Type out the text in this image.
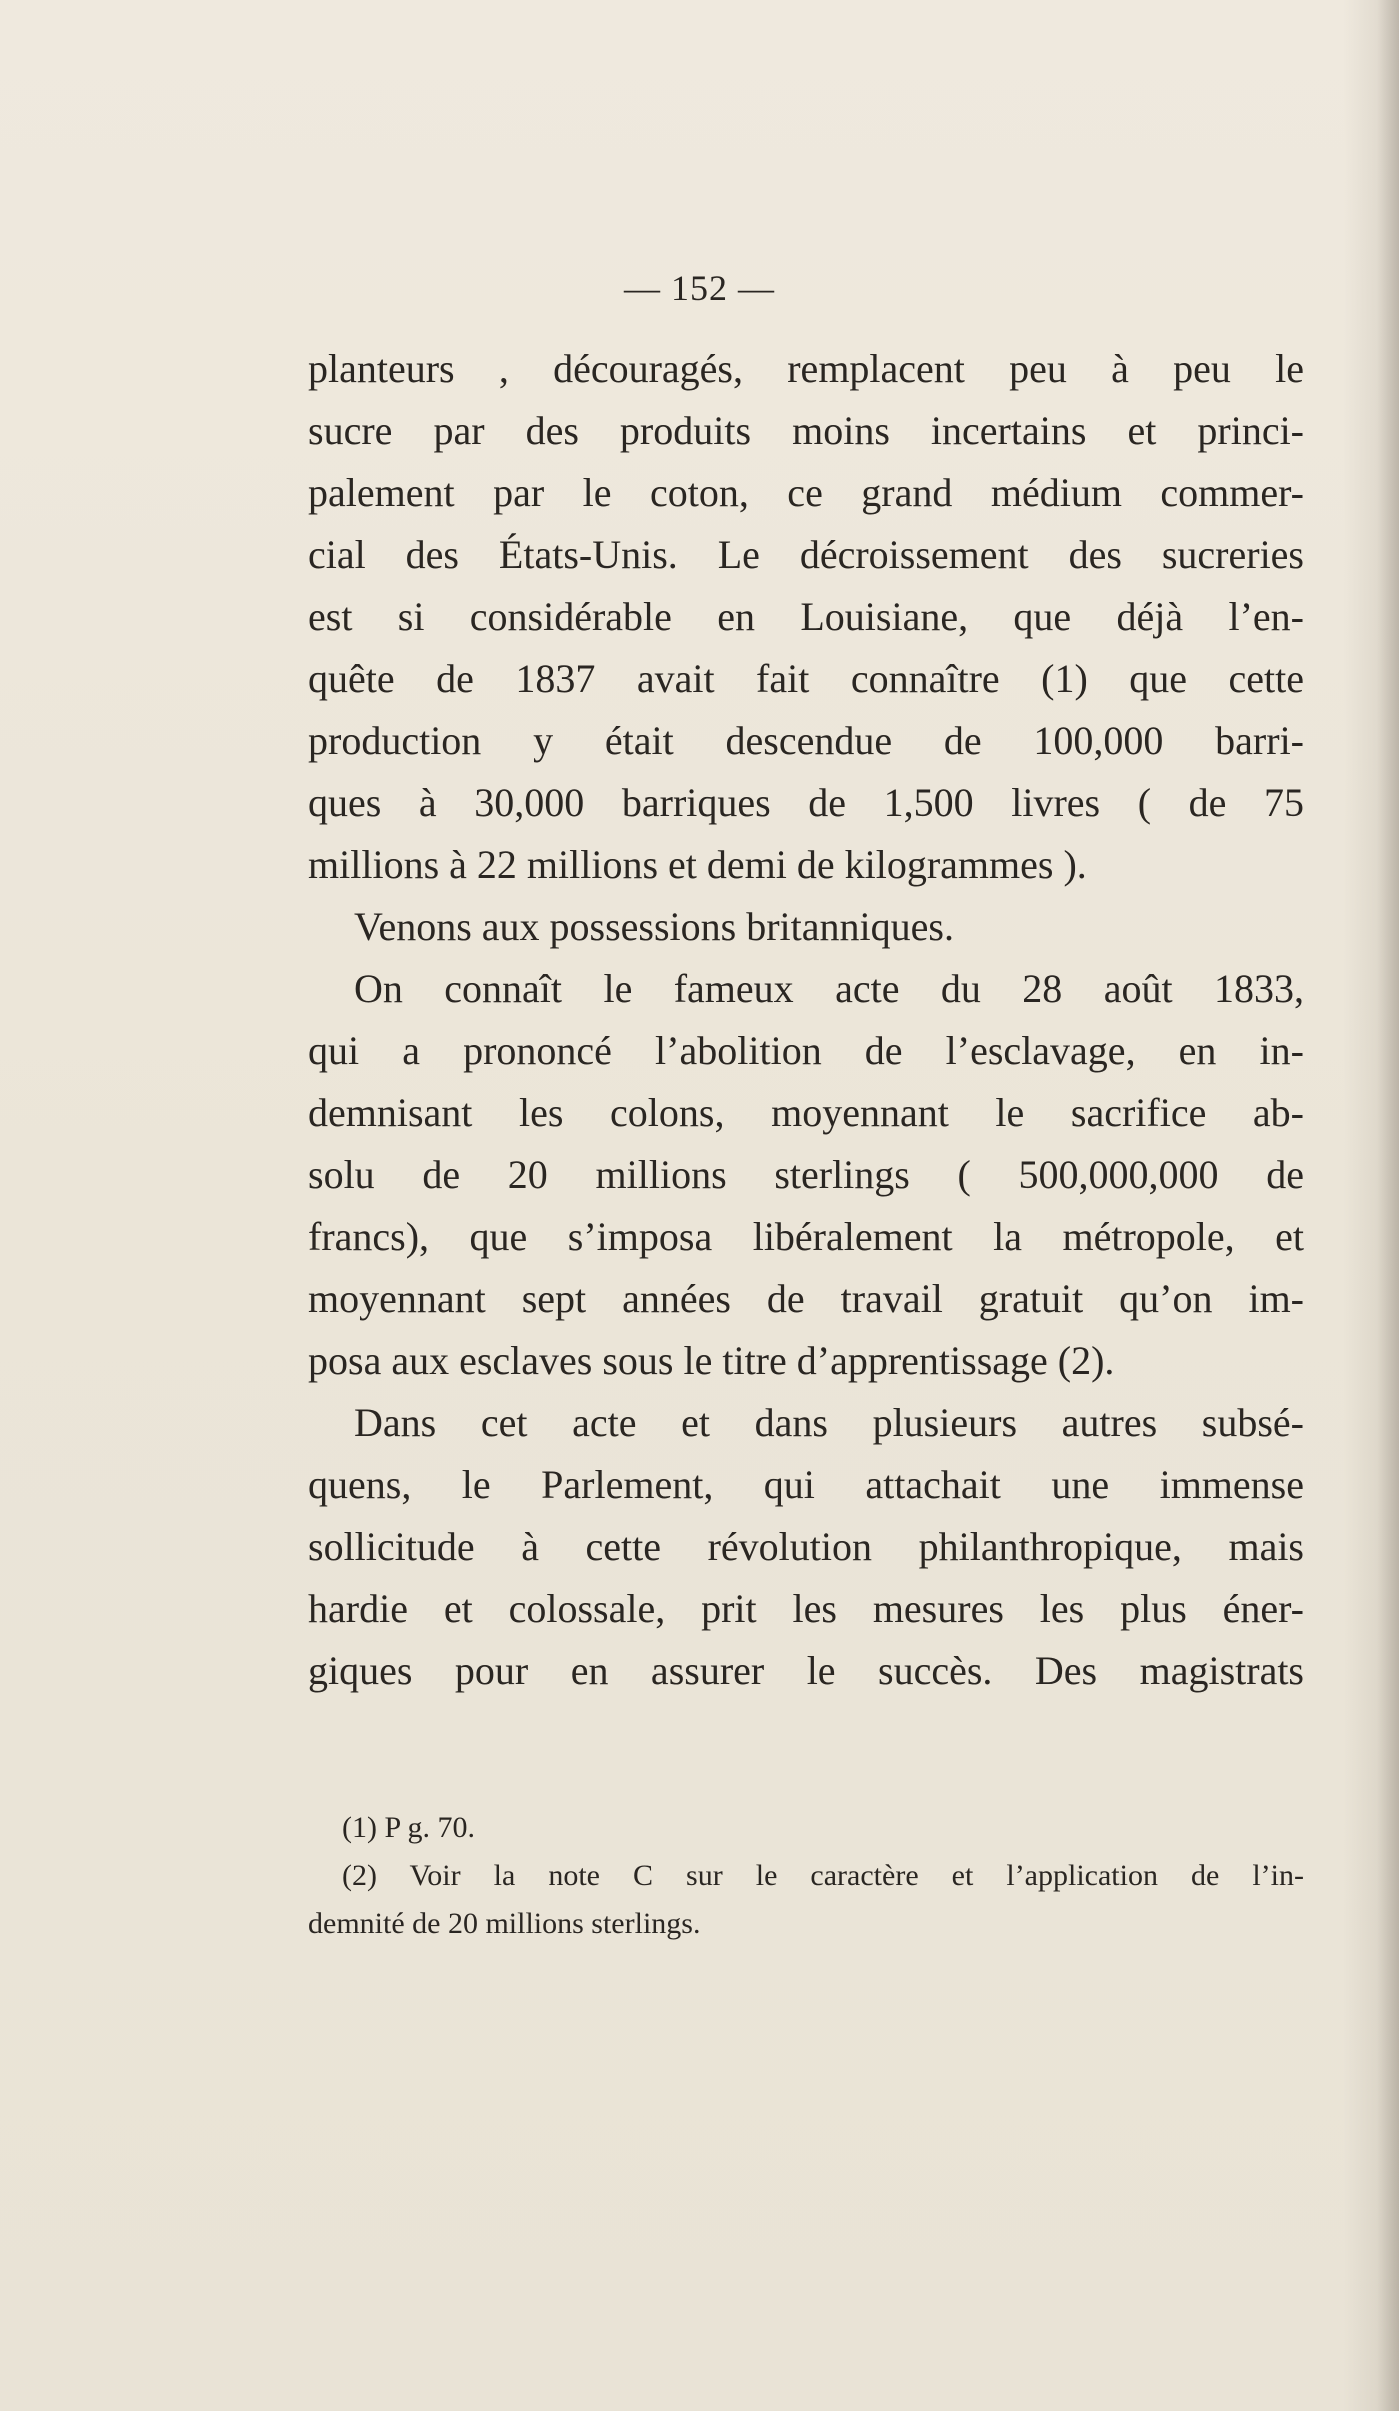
— 152 —
planteurs , découragés, remplacent peu à peu le
sucre par des produits moins incertains et princi-
palement par le coton, ce grand médium commer-
cial des États-Unis. Le décroissement des sucreries
est si considérable en Louisiane, que déjà l’en-
quête de 1837 avait fait connaître (1) que cette
production y était descendue de 100,000 barri-
ques à 30,000 barriques de 1,500 livres ( de 75
millions à 22 millions et demi de kilogrammes ).
Venons aux possessions britanniques.
On connaît le fameux acte du 28 août 1833,
qui a prononcé l’abolition de l’esclavage, en in-
demnisant les colons, moyennant le sacrifice ab-
solu de 20 millions sterlings ( 500,000,000 de
francs), que s’imposa libéralement la métropole, et
moyennant sept années de travail gratuit qu’on im-
posa aux esclaves sous le titre d’apprentissage (2).
Dans cet acte et dans plusieurs autres subsé-
quens, le Parlement, qui attachait une immense
sollicitude à cette révolution philanthropique, mais
hardie et colossale, prit les mesures les plus éner-
giques pour en assurer le succès. Des magistrats
(1) P g. 70.
(2) Voir la note C sur le caractère et l’application de l’in-
demnité de 20 millions sterlings.
